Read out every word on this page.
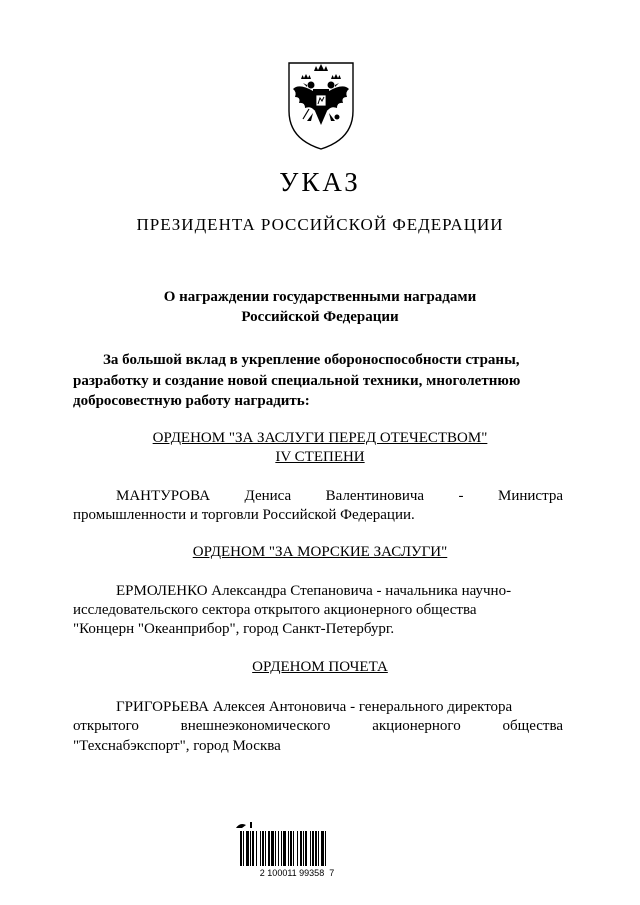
УКАЗ
ПРЕЗИДЕНТА РОССИЙСКОЙ ФЕДЕРАЦИИ
О награждении государственными наградами
Российской Федерации
За большой вклад в укрепление обороноспособности страны,
разработку и создание новой специальной техники, многолетнюю
добросовестную работу наградить:
ОРДЕНОМ "ЗА ЗАСЛУГИ ПЕРЕД ОТЕЧЕСТВОМ"
IV СТЕПЕНИ
МАНТУРОВА Дениса Валентиновича - Министра
промышленности и торговли Российской Федерации.
ОРДЕНОМ "ЗА МОРСКИЕ ЗАСЛУГИ"
ЕРМОЛЕНКО Александра Степановича - начальника научно-
исследовательского сектора открытого акционерного общества
"Концерн "Океанприбор", город Санкт-Петербург.
ОРДЕНОМ ПОЧЕТА
ГРИГОРЬЕВА Алексея Антоновича - генерального директора
открытого	внешнеэкономического	акционерного	общества
"Техснабэкспорт", город Москва
2 100011 99358  7
